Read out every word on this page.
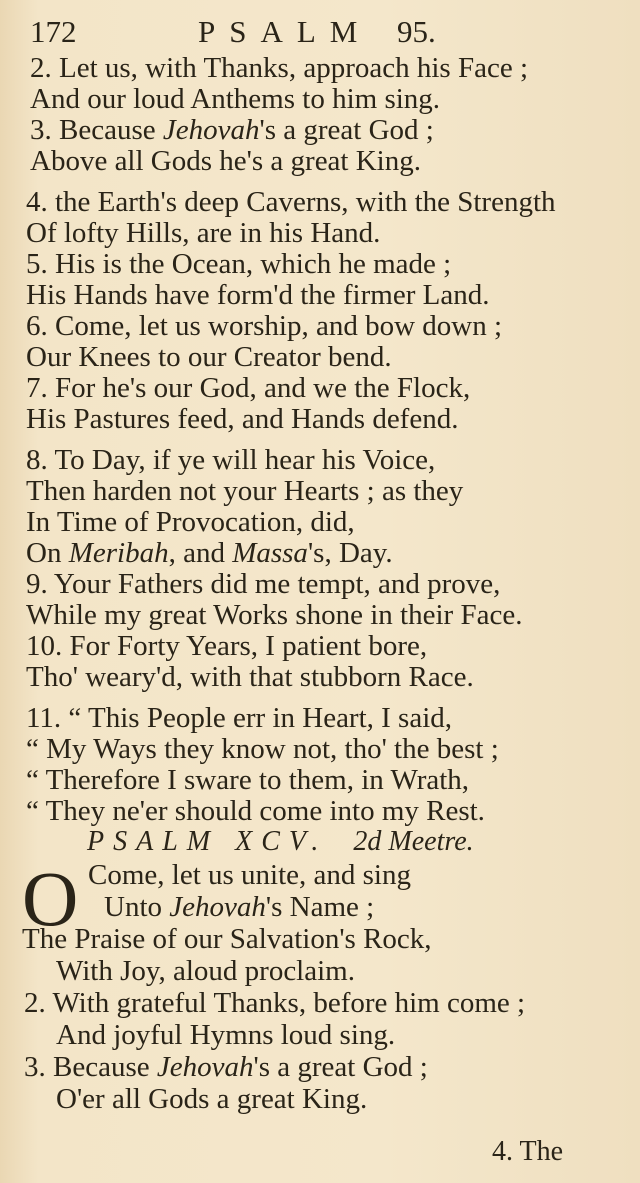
172	PSALM 95.
2. Let us, with Thanks, approach his Face ;
And our loud Anthems to him sing.
3. Because Jehovah's a great God ;
Above all Gods he's a great King.
4. the Earth's deep Caverns, with the Strength
Of lofty Hills, are in his Hand.
5. His is the Ocean, which he made ;
His Hands have form'd the firmer Land.
6. Come, let us worship, and bow down ;
Our Knees to our Creator bend.
7. For he's our God, and we the Flock,
His Pastures feed, and Hands defend.
8. To Day, if ye will hear his Voice,
Then harden not your Hearts ; as they
In Time of Provocation, did,
On Meribah, and Massa's, Day.
9. Your Fathers did me tempt, and prove,
While my great Works shone in their Face.
10. For Forty Years, I patient bore,
Tho' weary'd, with that stubborn Race.
11. “ This People err in Heart, I said,
“ My Ways they know not, tho' the best ;
“ Therefore I sware to them, in Wrath,
“ They ne'er should come into my Rest.
PSALM XCV. 2d Meetre.
O Come, let us unite, and sing
Unto Jehovah's Name ;
The Praise of our Salvation's Rock,
With Joy, aloud proclaim.
2. With grateful Thanks, before him come ;
And joyful Hymns loud sing.
3. Because Jehovah's a great God ;
O'er all Gods a great King.
4. The
